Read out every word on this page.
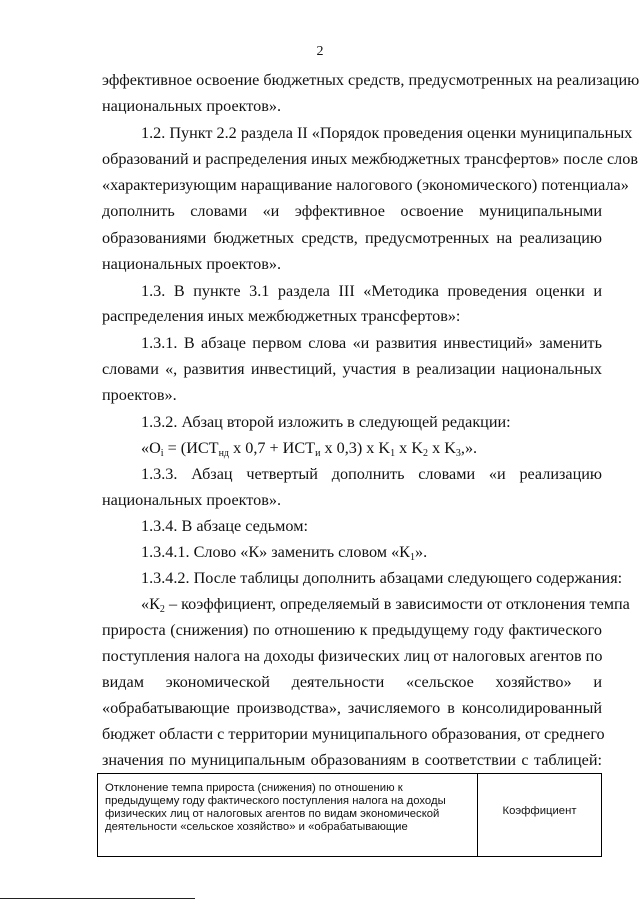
2
эффективное освоение бюджетных средств, предусмотренных на реализацию
национальных проектов».
1.2. Пункт 2.2 раздела II «Порядок проведения оценки муниципальных
образований и распределения иных межбюджетных трансфертов» после слов
«характеризующим наращивание налогового (экономического) потенциала»
дополнить словами «и эффективное освоение муниципальными
образованиями бюджетных средств, предусмотренных на реализацию
национальных проектов».
1.3. В пункте 3.1 раздела III «Методика проведения оценки и
распределения иных межбюджетных трансфертов»:
1.3.1. В абзаце первом слова «и развития инвестиций» заменить
словами «, развития инвестиций, участия в реализации национальных
проектов».
1.3.2. Абзац второй изложить в следующей редакции:
«$O_i = (ИСТ_{нд}$ х $0,7 + ИСТ_и$ х 0,3) х $K_1$ х $K_2$ х $K_3$,».
1.3.3. Абзац четвертый дополнить словами «и реализацию
национальных проектов».
1.3.4. В абзаце седьмом:
1.3.4.1. Слово «К» заменить словом «$К_1$».
1.3.4.2. После таблицы дополнить абзацами следующего содержания:
«$К_2$ – коэффициент, определяемый в зависимости от отклонения темпа
прироста (снижения) по отношению к предыдущему году фактического
поступления налога на доходы физических лиц от налоговых агентов по
видам экономической деятельности «сельское хозяйство» и
«обрабатывающие производства», зачисляемого в консолидированный
бюджет области с территории муниципального образования, от среднего
значения по муниципальным образованиям в соответствии с таблицей:
Отклонение темпа прироста (снижения) по отношению к предыдущему году фактического поступления налога на доходы физических лиц от налоговых агентов по видам экономической деятельности «сельское хозяйство» и «обрабатывающие
Коэффициент
